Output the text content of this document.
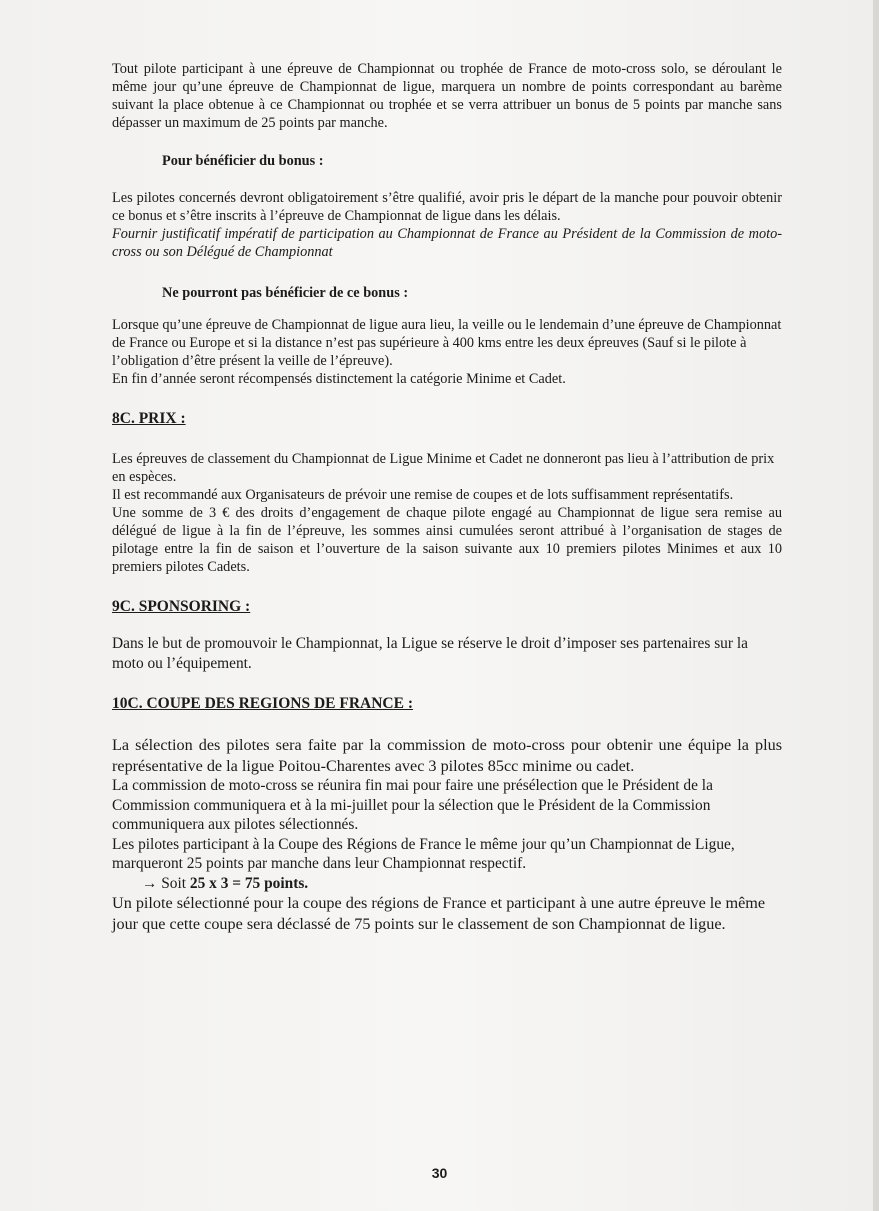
Tout pilote participant à une épreuve de Championnat ou trophée de France de moto-cross solo, se déroulant le même jour qu’une épreuve de Championnat de ligue, marquera un nombre de points correspondant au barème suivant la place obtenue à ce Championnat ou trophée et se verra attribuer un bonus de 5 points par manche sans dépasser un maximum de 25 points par manche.

Pour bénéficier du bonus :

Les pilotes concernés devront obligatoirement s’être qualifié, avoir pris le départ de la manche pour pouvoir obtenir ce bonus et s’être inscrits à l’épreuve de Championnat de ligue dans les délais.

Fournir justificatif impératif de participation au Championnat de France au Président de la Commission de moto-cross ou son Délégué de Championnat

Ne pourront pas bénéficier de ce bonus :

Lorsque qu’une épreuve de Championnat de ligue aura lieu, la veille ou le lendemain d’une épreuve de Championnat de France ou Europe et si la distance n’est pas supérieure à 400 kms entre les deux épreuves (Sauf si le pilote à l’obligation d’être présent la veille de l’épreuve).

En fin d’année seront récompensés distinctement la catégorie Minime et Cadet.

8C. PRIX :

Les épreuves de classement du Championnat de Ligue Minime et Cadet ne donneront pas lieu à l’attribution de prix en espèces.

Il est recommandé aux Organisateurs de prévoir une remise de coupes et de lots suffisamment représentatifs.

Une somme de 3 € des droits d’engagement de chaque pilote engagé au Championnat de ligue sera remise au délégué de ligue à la fin de l’épreuve, les sommes ainsi cumulées seront attribué à l’organisation de stages de pilotage entre la fin de saison et l’ouverture de la saison suivante aux 10 premiers pilotes Minimes et aux 10 premiers pilotes Cadets.

9C. SPONSORING :

Dans le but de promouvoir le Championnat, la Ligue se réserve le droit d’imposer ses partenaires sur la moto ou l’équipement.

10C. COUPE DES REGIONS DE FRANCE :

La sélection des pilotes sera faite par la commission de moto-cross pour obtenir une équipe la plus représentative de la ligue Poitou-Charentes avec 3 pilotes 85cc minime ou cadet.

La commission de moto-cross se réunira fin mai pour faire une présélection que le Président de la Commission communiquera et à la mi-juillet pour la sélection que le Président de la Commission communiquera aux pilotes sélectionnés.

Les pilotes participant à la Coupe des Régions de France le même jour qu’un Championnat de Ligue, marqueront 25 points par manche dans leur Championnat respectif.

→ Soit 25 x 3 = 75 points.

Un pilote sélectionné pour la coupe des régions de France et participant à une autre épreuve le même jour que cette coupe sera déclassé de 75 points sur le classement de son Championnat de ligue.

30
